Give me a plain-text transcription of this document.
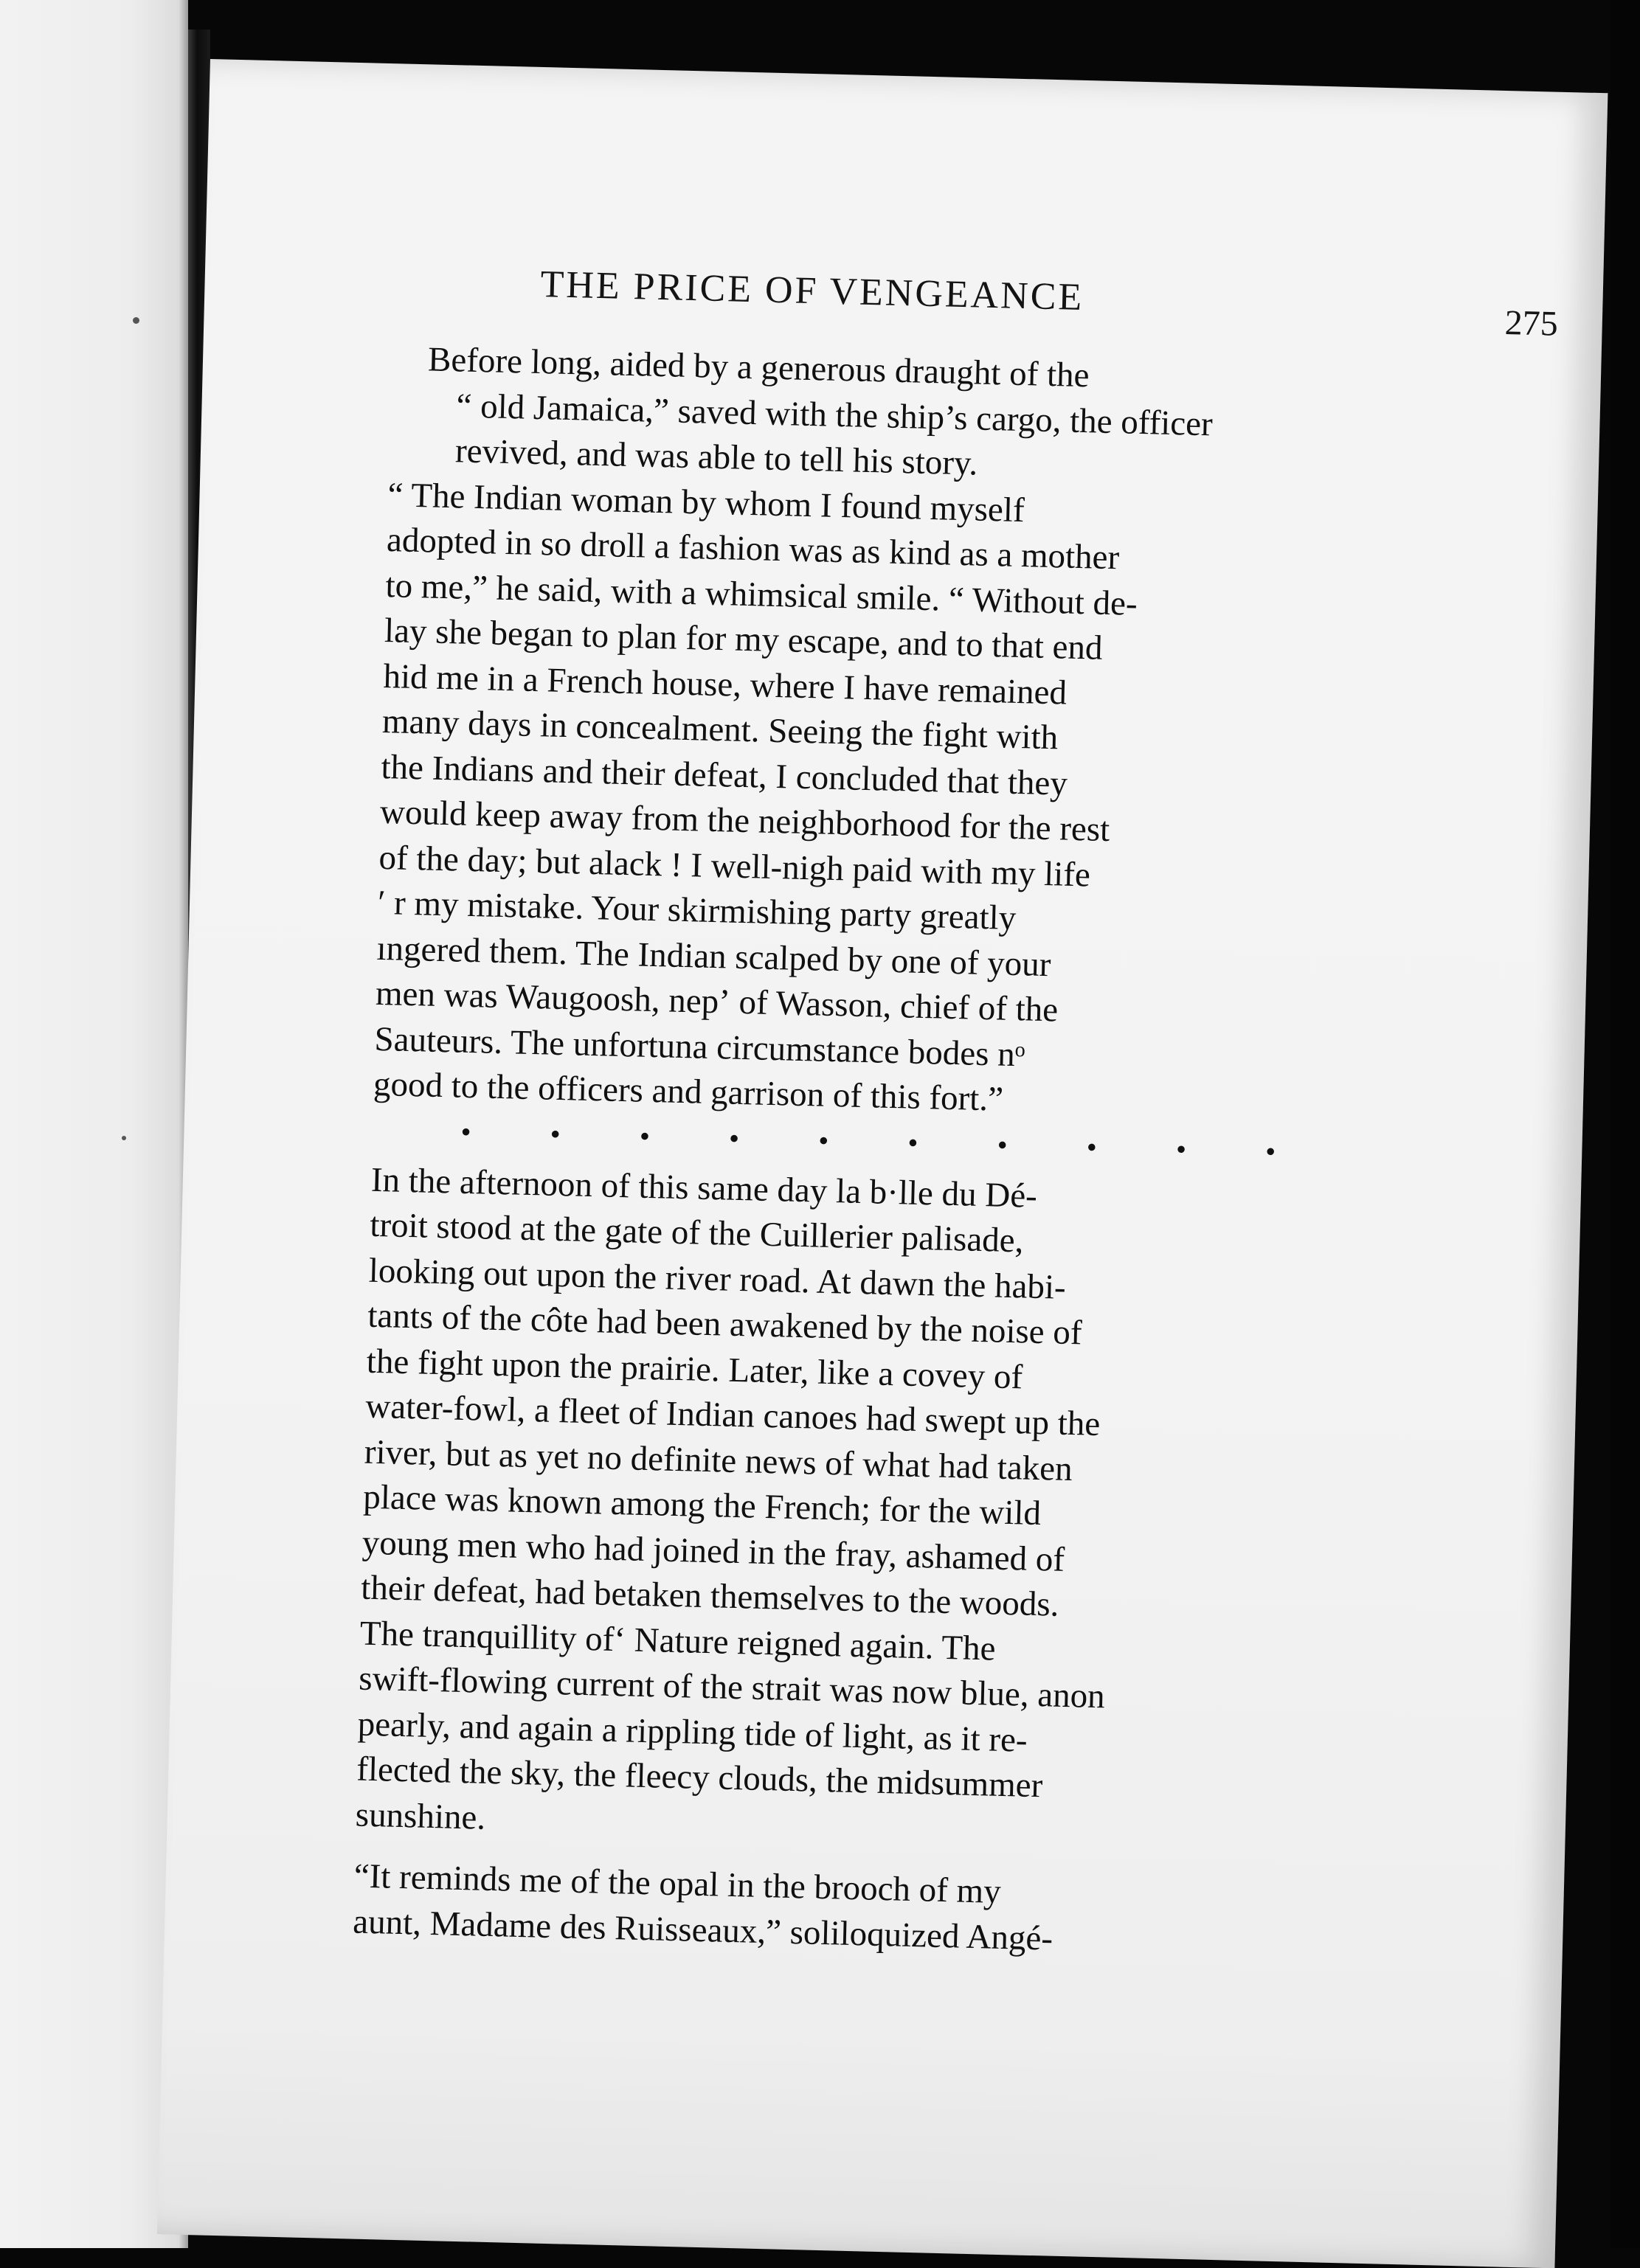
THE PRICE OF VENGEANCE
275

Before long, aided by a generous draught of the
“ old Jamaica,” saved with the ship’s cargo, the officer
revived, and was able to tell his story.

“ The Indian woman by whom I found myself
adopted in so droll a fashion was as kind as a mother
to me,” he said, with a whimsical smile. “ Without de-
lay she began to plan for my escape, and to that end
hid me in a French house, where I have remained
many days in concealment. Seeing the fight with
the Indians and their defeat, I concluded that they
would keep away from the neighborhood for the rest
of the day; but alack ! I well-nigh paid with my life
′ r my mistake. Your skirmishing party greatly
ıngered them. The Indian scalped by one of your
men was Waugoosh, nepʼ of Wasson, chief of the
Sauteurs. The unfortuna circumstance bodes nᵒ
good to the officers and garrison of this fort.”

•	•	•	•	•	•	•	•	•	•

In the afternoon of this same day la b·lle du Dé-
troit stood at the gate of the Cuillerier palisade,
looking out upon the river road. At dawn the habi-
tants of the côte had been awakened by the noise of
the fight upon the prairie. Later, like a covey of
water-fowl, a fleet of Indian canoes had swept up the
river, but as yet no definite news of what had taken
place was known among the French; for the wild
young men who had joined in the fray, ashamed of
their defeat, had betaken themselves to the woods.

The tranquillity ofʻ Nature reigned again. The
swift-flowing current of the strait was now blue, anon
pearly, and again a rippling tide of light, as it re-
flected the sky, the fleecy clouds, the midsummer
sunshine.

“It reminds me of the opal in the brooch of my
aunt, Madame des Ruisseaux,” soliloquized Angé-
